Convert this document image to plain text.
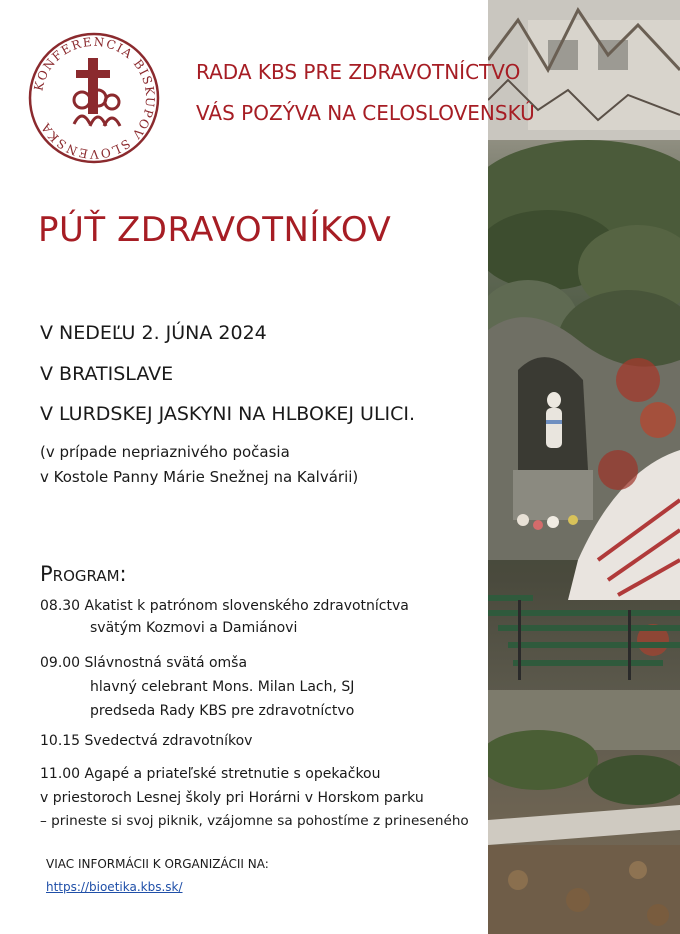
KONFERENCIA BISKUPOV SLOVENSKA
RADA KBS PRE ZDRAVOTNÍCTVO
VÁS POZÝVA NA CELOSLOVENSKÚ
PÚŤ ZDRAVOTNÍKOV
V NEDEĽU 2. JÚNA 2024
V BRATISLAVE
V LURDSKEJ JASKYNI NA HLBOKEJ ULICI.
(v prípade nepriaznivého počasia
v Kostole Panny Márie Snežnej na Kalvárii)
Program:
08.30 Akatist k patrónom slovenského zdravotníctva
svätým Kozmovi a Damiánovi
09.00 Slávnostná svätá omša
hlavný celebrant Mons. Milan Lach, SJ
predseda Rady KBS pre zdravotníctvo
10.15 Svedectvá zdravotníkov
11.00 Agapé a priateľské stretnutie s opekačkou
v priestoroch Lesnej školy pri Horárni v Horskom parku
– prineste si svoj piknik, vzájomne sa pohostíme z prineseného
VIAC INFORMÁCII K ORGANIZÁCII NA:
https://bioetika.kbs.sk/
